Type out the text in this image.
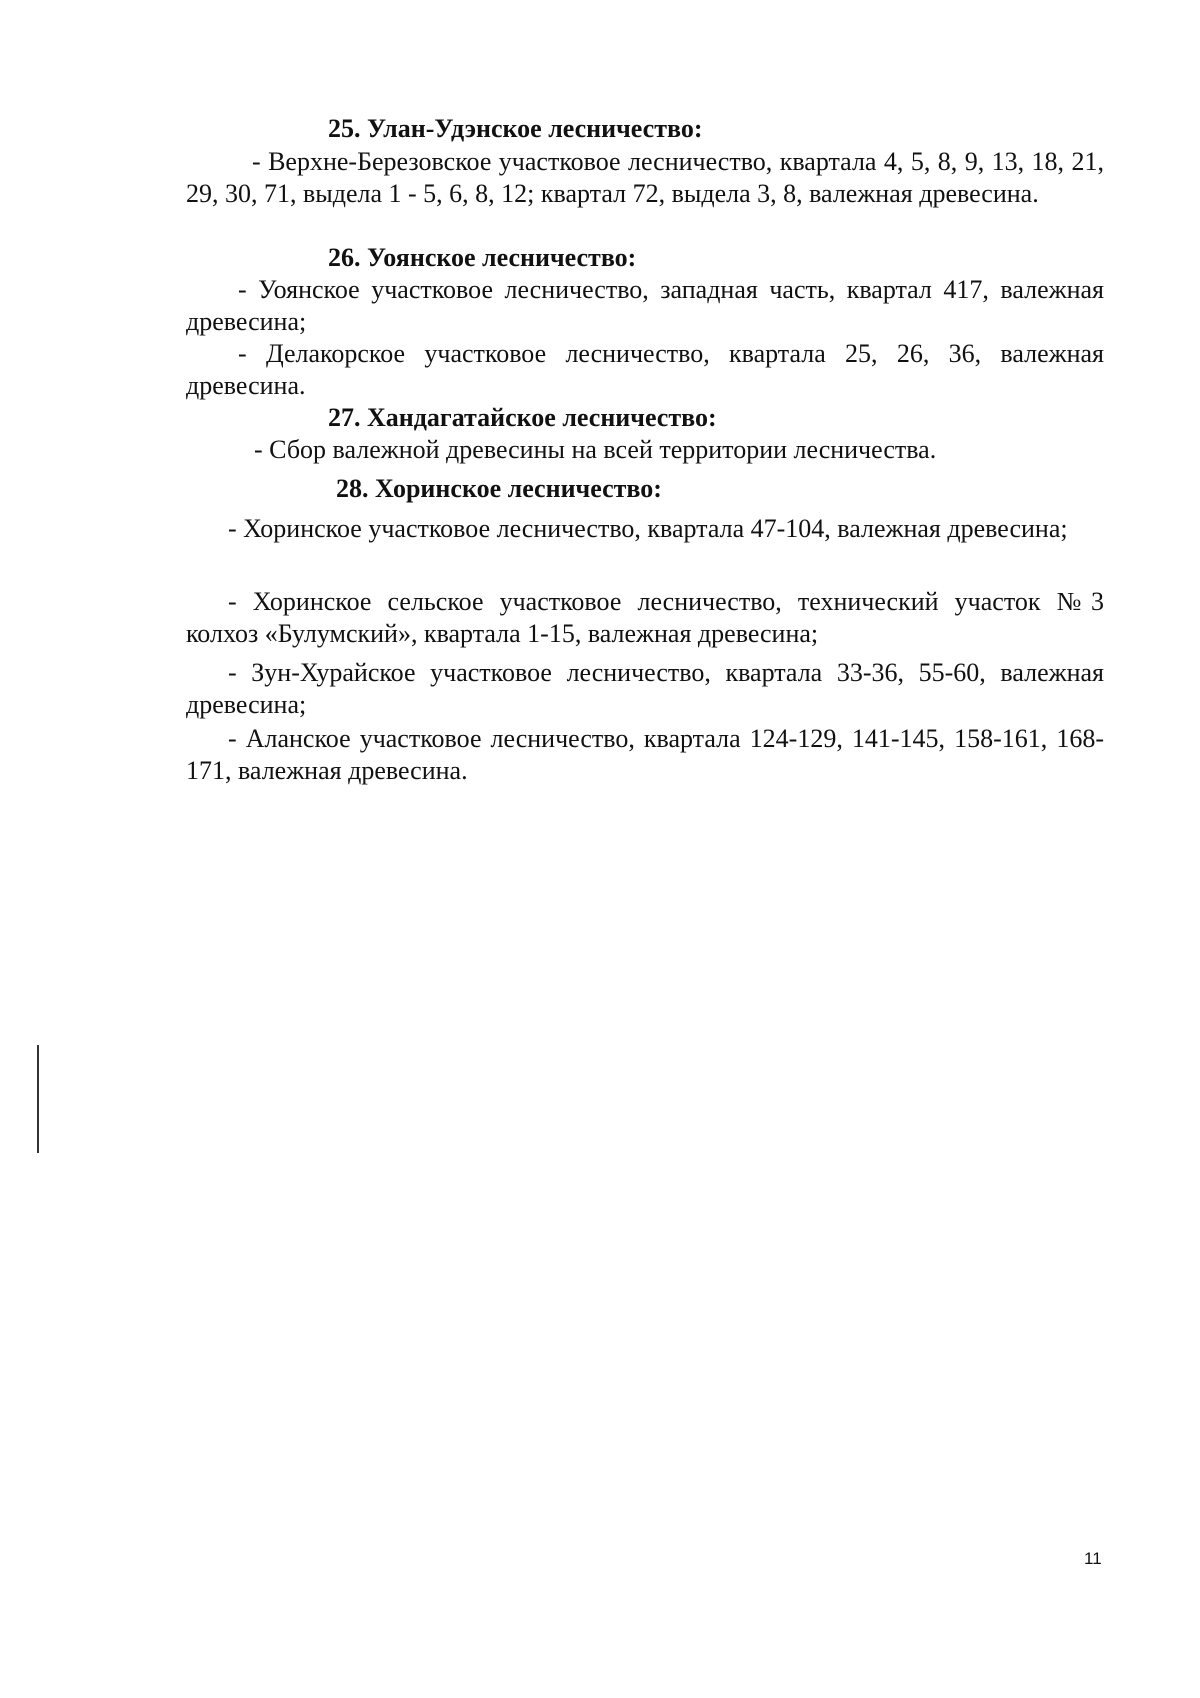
25. Улан-Удэнское лесничество:
- Верхне-Березовское участковое лесничество, квартала 4, 5, 8, 9, 13, 18, 21, 29, 30, 71, выдела 1 - 5, 6, 8, 12; квартал 72, выдела 3, 8, валежная древесина.
26. Уоянское лесничество:
- Уоянское участковое лесничество, западная часть, квартал 417, валежная древесина;
- Делакорское участковое лесничество, квартала 25, 26, 36, валежная древесина.
27. Хандагатайское лесничество:
- Сбор валежной древесины на всей территории лесничества.
28. Хоринское лесничество:
- Хоринское участковое лесничество, квартала 47-104, валежная древесина;
- Хоринское сельское участковое лесничество, технический участок №3 колхоз «Булумский», квартала 1-15, валежная древесина;
- Зун-Хурайское участковое лесничество, квартала 33-36, 55-60, валежная древесина;
- Аланское участковое лесничество, квартала 124-129, 141-145, 158-161, 168-171, валежная древесина.
11
